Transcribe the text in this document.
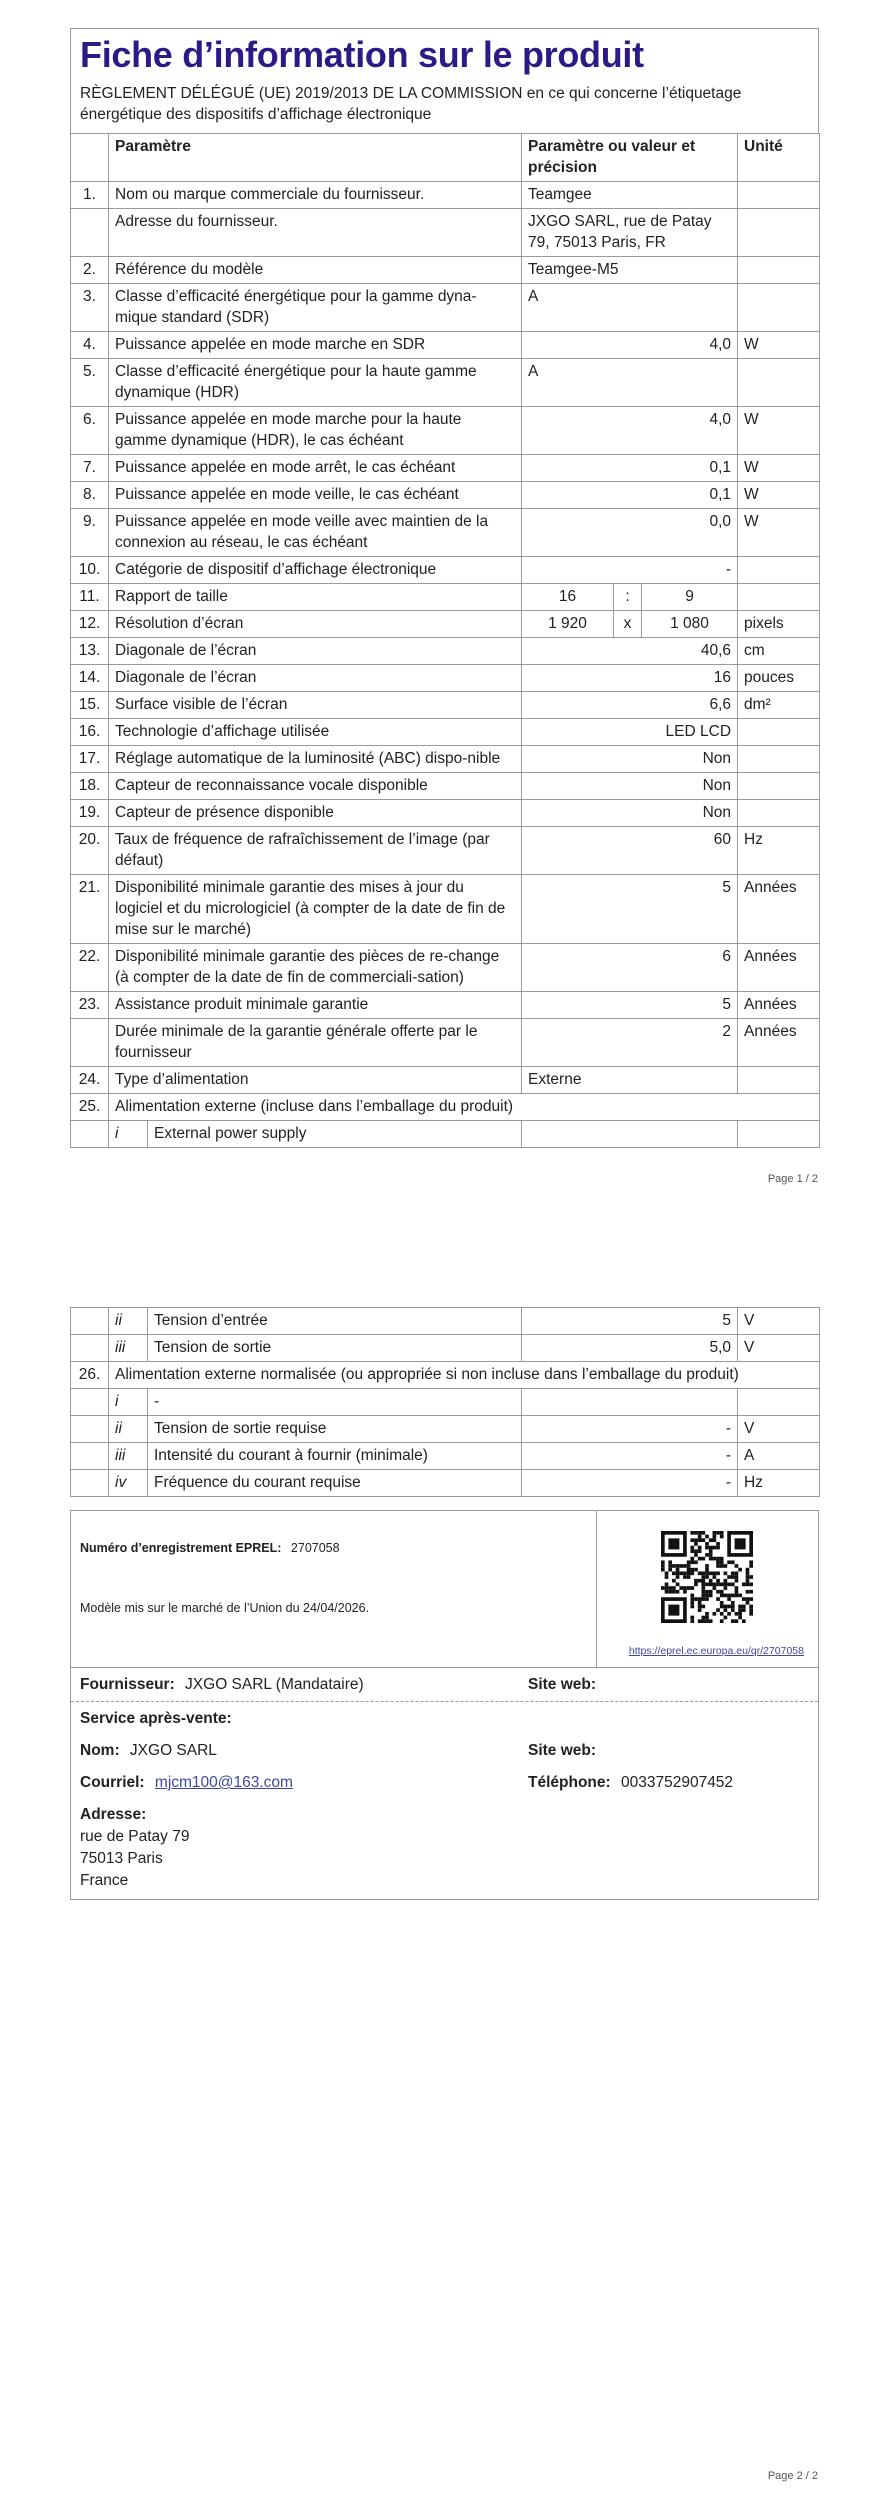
Fiche d’information sur le produit
RÈGLEMENT DÉLÉGUÉ (UE) 2019/2013 DE LA COMMISSION en ce qui concerne l’étiquetage énergétique des dispositifs d’affichage électronique
	Paramètre		Paramètre ou valeur et précision			Unité
1.	Nom ou marque commerciale du fournisseur.		Teamgee			
	Adresse du fournisseur.		JXGO SARL, rue de Patay 79, 75013 Paris, FR			
2.	Référence du modèle		Teamgee-M5			
3.	Classe d’efficacité énergétique pour la gamme dyna-mique standard (SDR)		A			
4.	Puissance appelée en mode marche en SDR		4,0			W
5.	Classe d’efficacité énergétique pour la haute gamme dynamique (HDR)		A			
6.	Puissance appelée en mode marche pour la haute gamme dynamique (HDR), le cas échéant		4,0			W
7.	Puissance appelée en mode arrêt, le cas échéant		0,1			W
8.	Puissance appelée en mode veille, le cas échéant		0,1			W
9.	Puissance appelée en mode veille avec maintien de la connexion au réseau, le cas échéant		0,0			W
10.	Catégorie de dispositif d’affichage électronique		-			
11.	Rapport de taille		16	:	9	
12.	Résolution d’écran		1 920	x	1 080	pixels
13.	Diagonale de l’écran		40,6			cm
14.	Diagonale de l’écran		16			pouces
15.	Surface visible de l’écran		6,6			dm²
16.	Technologie d’affichage utilisée		LED LCD			
17.	Réglage automatique de la luminosité (ABC) dispo-nible		Non			
18.	Capteur de reconnaissance vocale disponible		Non			
19.	Capteur de présence disponible		Non			
20.	Taux de fréquence de rafraîchissement de l’image (par défaut)		60			Hz
21.	Disponibilité minimale garantie des mises à jour du logiciel et du micrologiciel (à compter de la date de fin de mise sur le marché)		5			Années
22.	Disponibilité minimale garantie des pièces de re-change (à compter de la date de fin de commerciali-sation)		6			Années
23.	Assistance produit minimale garantie		5			Années
	Durée minimale de la garantie générale offerte par le fournisseur		2			Années
24.	Type d’alimentation		Externe			
25.	Alimentation externe (incluse dans l’emballage du produit)					
	i	External power supply				
Page 1 / 2
	ii	Tension d’entrée	5	V
	iii	Tension de sortie	5,0	V
26.	Alimentation externe normalisée (ou appropriée si non incluse dans l’emballage du produit)			
	i	-		
	ii	Tension de sortie requise	-	V
	iii	Intensité du courant à fournir (minimale)	-	A
	iv	Fréquence du courant requise	-	Hz
Numéro d’enregistrement EPREL: 2707058
Modèle mis sur le marché de l’Union du 24/04/2026.
https://eprel.ec.europa.eu/qr/2707058
Fournisseur: JXGO SARL (Mandataire)	Site web:
Service après-vente:
Nom: JXGO SARL	Site web:
Courriel: mjcm100@163.com	Téléphone: 0033752907452
Adresse:
rue de Patay 79
75013 Paris
France
Page 2 / 2
